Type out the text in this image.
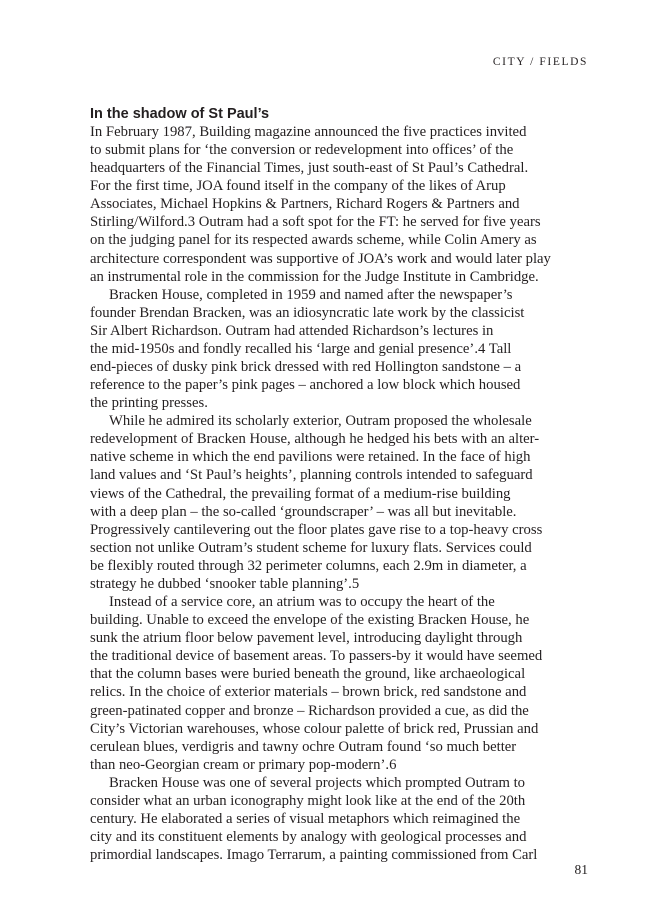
CITY / FIELDS
In the shadow of St Paul’s
In February 1987, Building magazine announced the five practices invited
to submit plans for ‘the conversion or redevelopment into offices’ of the
headquarters of the Financial Times, just south-east of St Paul’s Cathedral.
For the first time, JOA found itself in the company of the likes of Arup
Associates, Michael Hopkins & Partners, Richard Rogers & Partners and
Stirling/Wilford.3 Outram had a soft spot for the FT: he served for five years
on the judging panel for its respected awards scheme, while Colin Amery as
architecture correspondent was supportive of JOA’s work and would later play
an instrumental role in the commission for the Judge Institute in Cambridge.
Bracken House, completed in 1959 and named after the newspaper’s
founder Brendan Bracken, was an idiosyncratic late work by the classicist
Sir Albert Richardson. Outram had attended Richardson’s lectures in
the mid-1950s and fondly recalled his ‘large and genial presence’.4 Tall
end-pieces of dusky pink brick dressed with red Hollington sandstone – a
reference to the paper’s pink pages – anchored a low block which housed
the printing presses.
While he admired its scholarly exterior, Outram proposed the wholesale
redevelopment of Bracken House, although he hedged his bets with an alter-
native scheme in which the end pavilions were retained. In the face of high
land values and ‘St Paul’s heights’, planning controls intended to safeguard
views of the Cathedral, the prevailing format of a medium-rise building
with a deep plan – the so-called ‘groundscraper’ – was all but inevitable.
Progressively cantilevering out the floor plates gave rise to a top-heavy cross
section not unlike Outram’s student scheme for luxury flats. Services could
be flexibly routed through 32 perimeter columns, each 2.9m in diameter, a
strategy he dubbed ‘snooker table planning’.5
Instead of a service core, an atrium was to occupy the heart of the
building. Unable to exceed the envelope of the existing Bracken House, he
sunk the atrium floor below pavement level, introducing daylight through
the traditional device of basement areas. To passers-by it would have seemed
that the column bases were buried beneath the ground, like archaeological
relics. In the choice of exterior materials – brown brick, red sandstone and
green-patinated copper and bronze – Richardson provided a cue, as did the
City’s Victorian warehouses, whose colour palette of brick red, Prussian and
cerulean blues, verdigris and tawny ochre Outram found ‘so much better
than neo-Georgian cream or primary pop-modern’.6
Bracken House was one of several projects which prompted Outram to
consider what an urban iconography might look like at the end of the 20th
century. He elaborated a series of visual metaphors which reimagined the
city and its constituent elements by analogy with geological processes and
primordial landscapes. Imago Terrarum, a painting commissioned from Carl
81
